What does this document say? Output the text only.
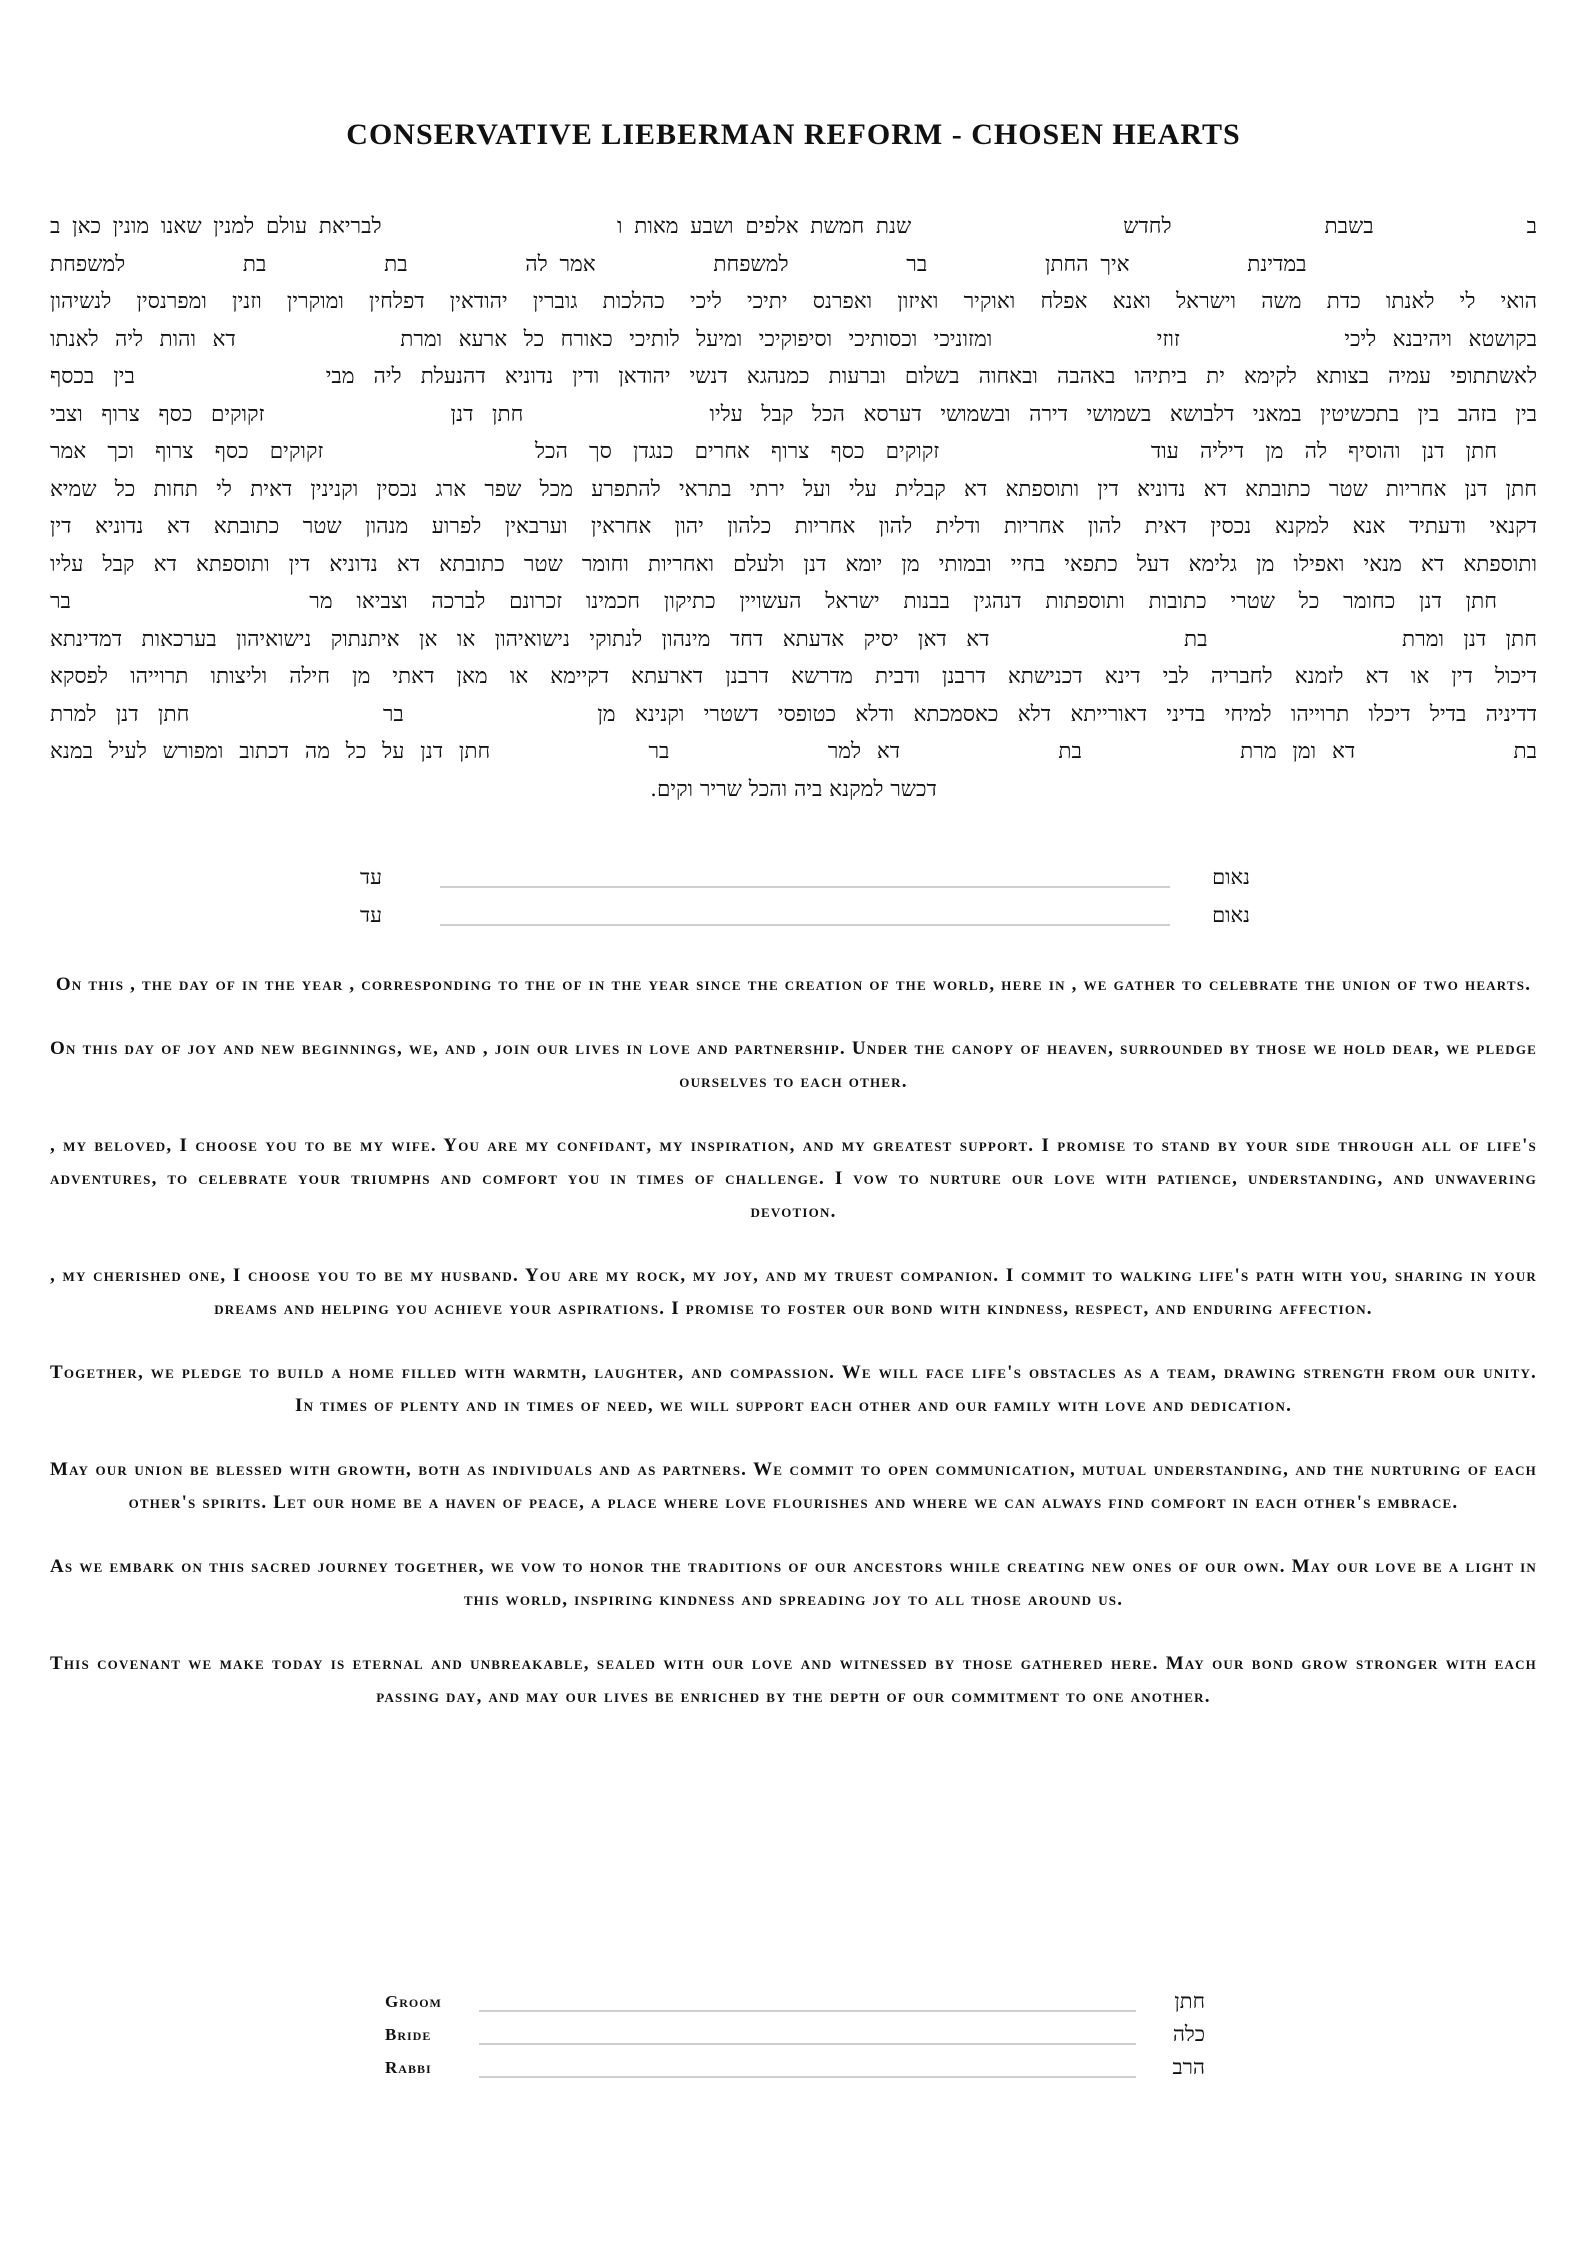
CONSERVATIVE LIEBERMAN REFORM - CHOSEN HEARTS
ב             בשבת             לחדש                  שנת חמשת אלפים ושבע מאות ו                    לבריאת עולם למנין שאנו מונין כאן ב
במדינת          איך החתן          בר          למשפחת          אמר לה          בת          בת          למשפחת
הואי לי לאנתו כדת משה וישראל ואנא אפלח ואוקיר ואיזון ואפרנס יתיכי ליכי כהלכות גוברין יהודאין דפלחין ומוקרין וזנין ומפרנסין לנשיהון
בקושטא ויהיבנא ליכי          זוזי          ומזוניכי וכסותיכי וסיפוקיכי ומיעל לותיכי כאורח כל ארעא ומרת          דא והות ליה לאנתו
לאשתתופי עמיה בצותא לקימא ית ביתיהו באהבה ובאחוה בשלום וברעות כמנהגא דנשי יהודאן ודין נדוניא דהנעלת ליה מבי          בין בכסף
בין בזהב בין בתכשיטין במאני דלבושא בשמושי דירה ובשמושי דערסא הכל קבל עליו          חתן דנן          זקוקים כסף צרוף וצבי
חתן דנן והוסיף לה מן דיליה עוד          זקוקים כסף צרוף אחרים כנגדן סך הכל          זקוקים כסף צרוף וכך אמר
חתן דנן אחריות שטר כתובתא דא נדוניא דין ותוספתא דא קבלית עלי ועל ירתי בתראי להתפרע מכל שפר ארג נכסין וקנינין דאית לי תחות כל שמיא
דקנאי ודעתיד אנא למקנא נכסין דאית להון אחריות ודלית להון אחריות כלהון יהון אחראין וערבאין לפרוע מנהון שטר כתובתא דא נדוניא דין
ותוספתא דא מנאי ואפילו מן גלימא דעל כתפאי בחיי ובמותי מן יומא דנן ולעלם ואחריות וחומר שטר כתובתא דא נדוניא דין ותוספתא דא קבל עליו
חתן דנן כחומר כל שטרי כתובות ותוספתות דנהגין בבנות ישראל העשויין כתיקון חכמינו זכרונם לברכה וצביאו מר          בר
חתן דנן ומרת          בת          דא דאן יסיק אדעתא דחד מינהון לנתוקי נישואיהון או אן איתנתוק נישואיהון בערכאות דמדינתא
דיכול דין או דא לזמנא לחבריה לבי דינא דכנישתא דרבנן ודבית מדרשא דרבנן דארעתא דקיימא או מאן דאתי מן חילה וליצותו תרוייהו לפסקא
דדיניה בדיל דיכלו תרוייהו למיחי בדיני דאורייתא דלא כאסמכתא ודלא כטופסי דשטרי וקנינא מן          בר          חתן דנן למרת
בת          דא ומן מרת          בת          דא למר          בר          חתן דנן על כל מה דכתוב ומפורש לעיל במנא
דכשר למקנא ביה והכל שריר וקים.
נאום
עד
נאום
עד

On this , the day of in the year , corresponding to the of in the year since the creation of the world, here in , we gather to celebrate the union of two hearts.

On this day of joy and new beginnings, we, and , join our lives in love and partnership. Under the canopy of heaven, surrounded by those we hold dear, we pledge ourselves to each other.

, my beloved, I choose you to be my wife. You are my confidant, my inspiration, and my greatest support. I promise to stand by your side through all of life's adventures, to celebrate your triumphs and comfort you in times of challenge. I vow to nurture our love with patience, understanding, and unwavering devotion.

, my cherished one, I choose you to be my husband. You are my rock, my joy, and my truest companion. I commit to walking life's path with you, sharing in your dreams and helping you achieve your aspirations. I promise to foster our bond with kindness, respect, and enduring affection.

Together, we pledge to build a home filled with warmth, laughter, and compassion. We will face life's obstacles as a team, drawing strength from our unity. In times of plenty and in times of need, we will support each other and our family with love and dedication.

May our union be blessed with growth, both as individuals and as partners. We commit to open communication, mutual understanding, and the nurturing of each other's spirits. Let our home be a haven of peace, a place where love flourishes and where we can always find comfort in each other's embrace.

As we embark on this sacred journey together, we vow to honor the traditions of our ancestors while creating new ones of our own. May our love be a light in this world, inspiring kindness and spreading joy to all those around us.

This covenant we make today is eternal and unbreakable, sealed with our love and witnessed by those gathered here. May our bond grow stronger with each passing day, and may our lives be enriched by the depth of our commitment to one another.

Groom	חתן
Bride	כלה
Rabbi	הרב
